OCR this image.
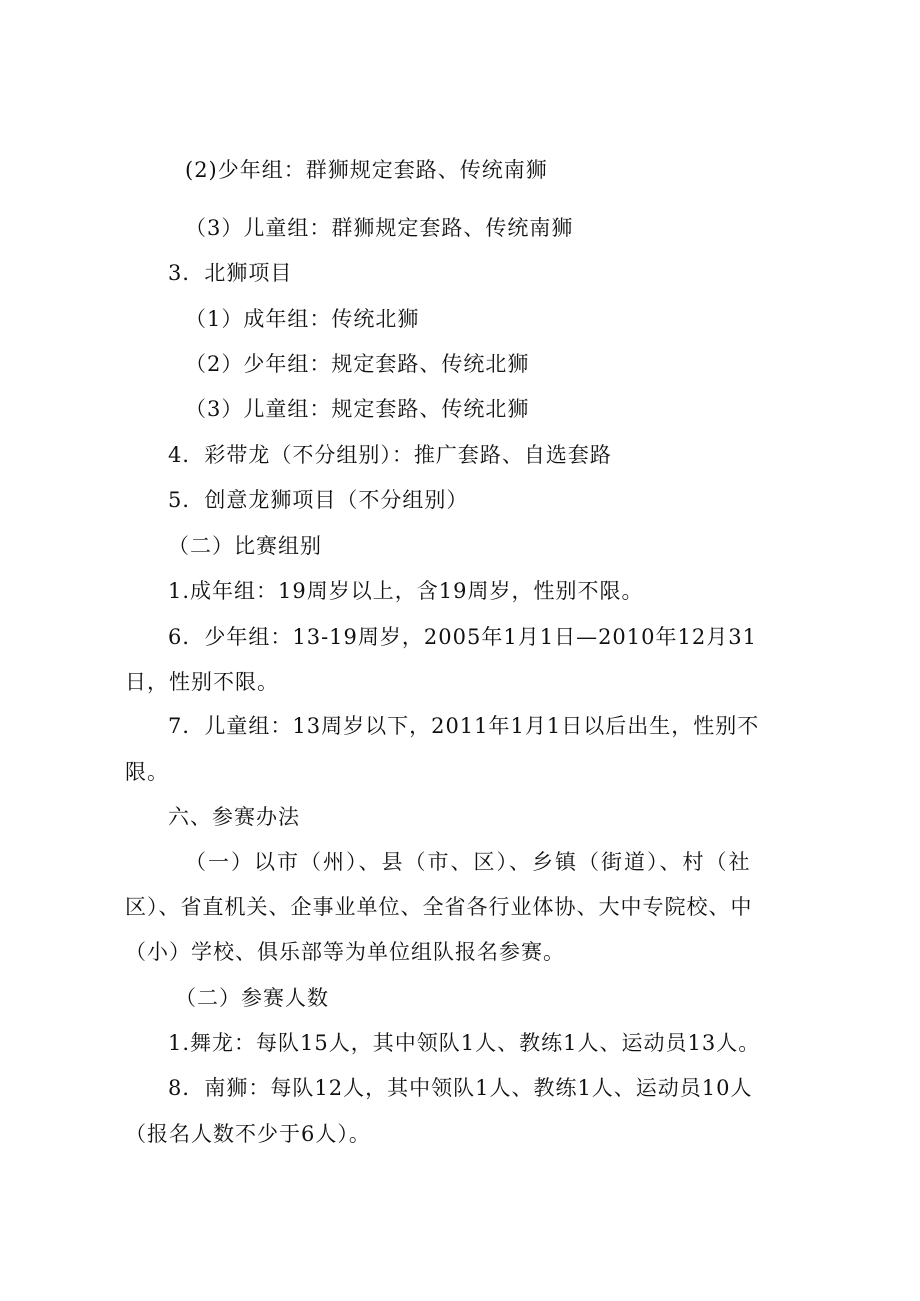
(2)少年组：群狮规定套路、传统南狮
（3）儿童组：群狮规定套路、传统南狮
3．北狮项目
（1）成年组：传统北狮
（2）少年组：规定套路、传统北狮
（3）儿童组：规定套路、传统北狮
4．彩带龙（不分组别）：推广套路、自选套路
5．创意龙狮项目（不分组别）
（二）比赛组别
1.成年组：19周岁以上，含19周岁，性别不限。
6．少年组：13-19周岁，2005年1月1日—2010年12月31
日，性别不限。
7．儿童组：13周岁以下，2011年1月1日以后出生，性别不
限。
六、参赛办法
（一）以市（州）、县（市、区）、乡镇（街道）、村（社
区）、省直机关、企事业单位、全省各行业体协、大中专院校、中
（小）学校、俱乐部等为单位组队报名参赛。
（二）参赛人数
1.舞龙：每队15人，其中领队1人、教练1人、运动员13人。
8．南狮：每队12人，其中领队1人、教练1人、运动员10人
（报名人数不少于6人）。
